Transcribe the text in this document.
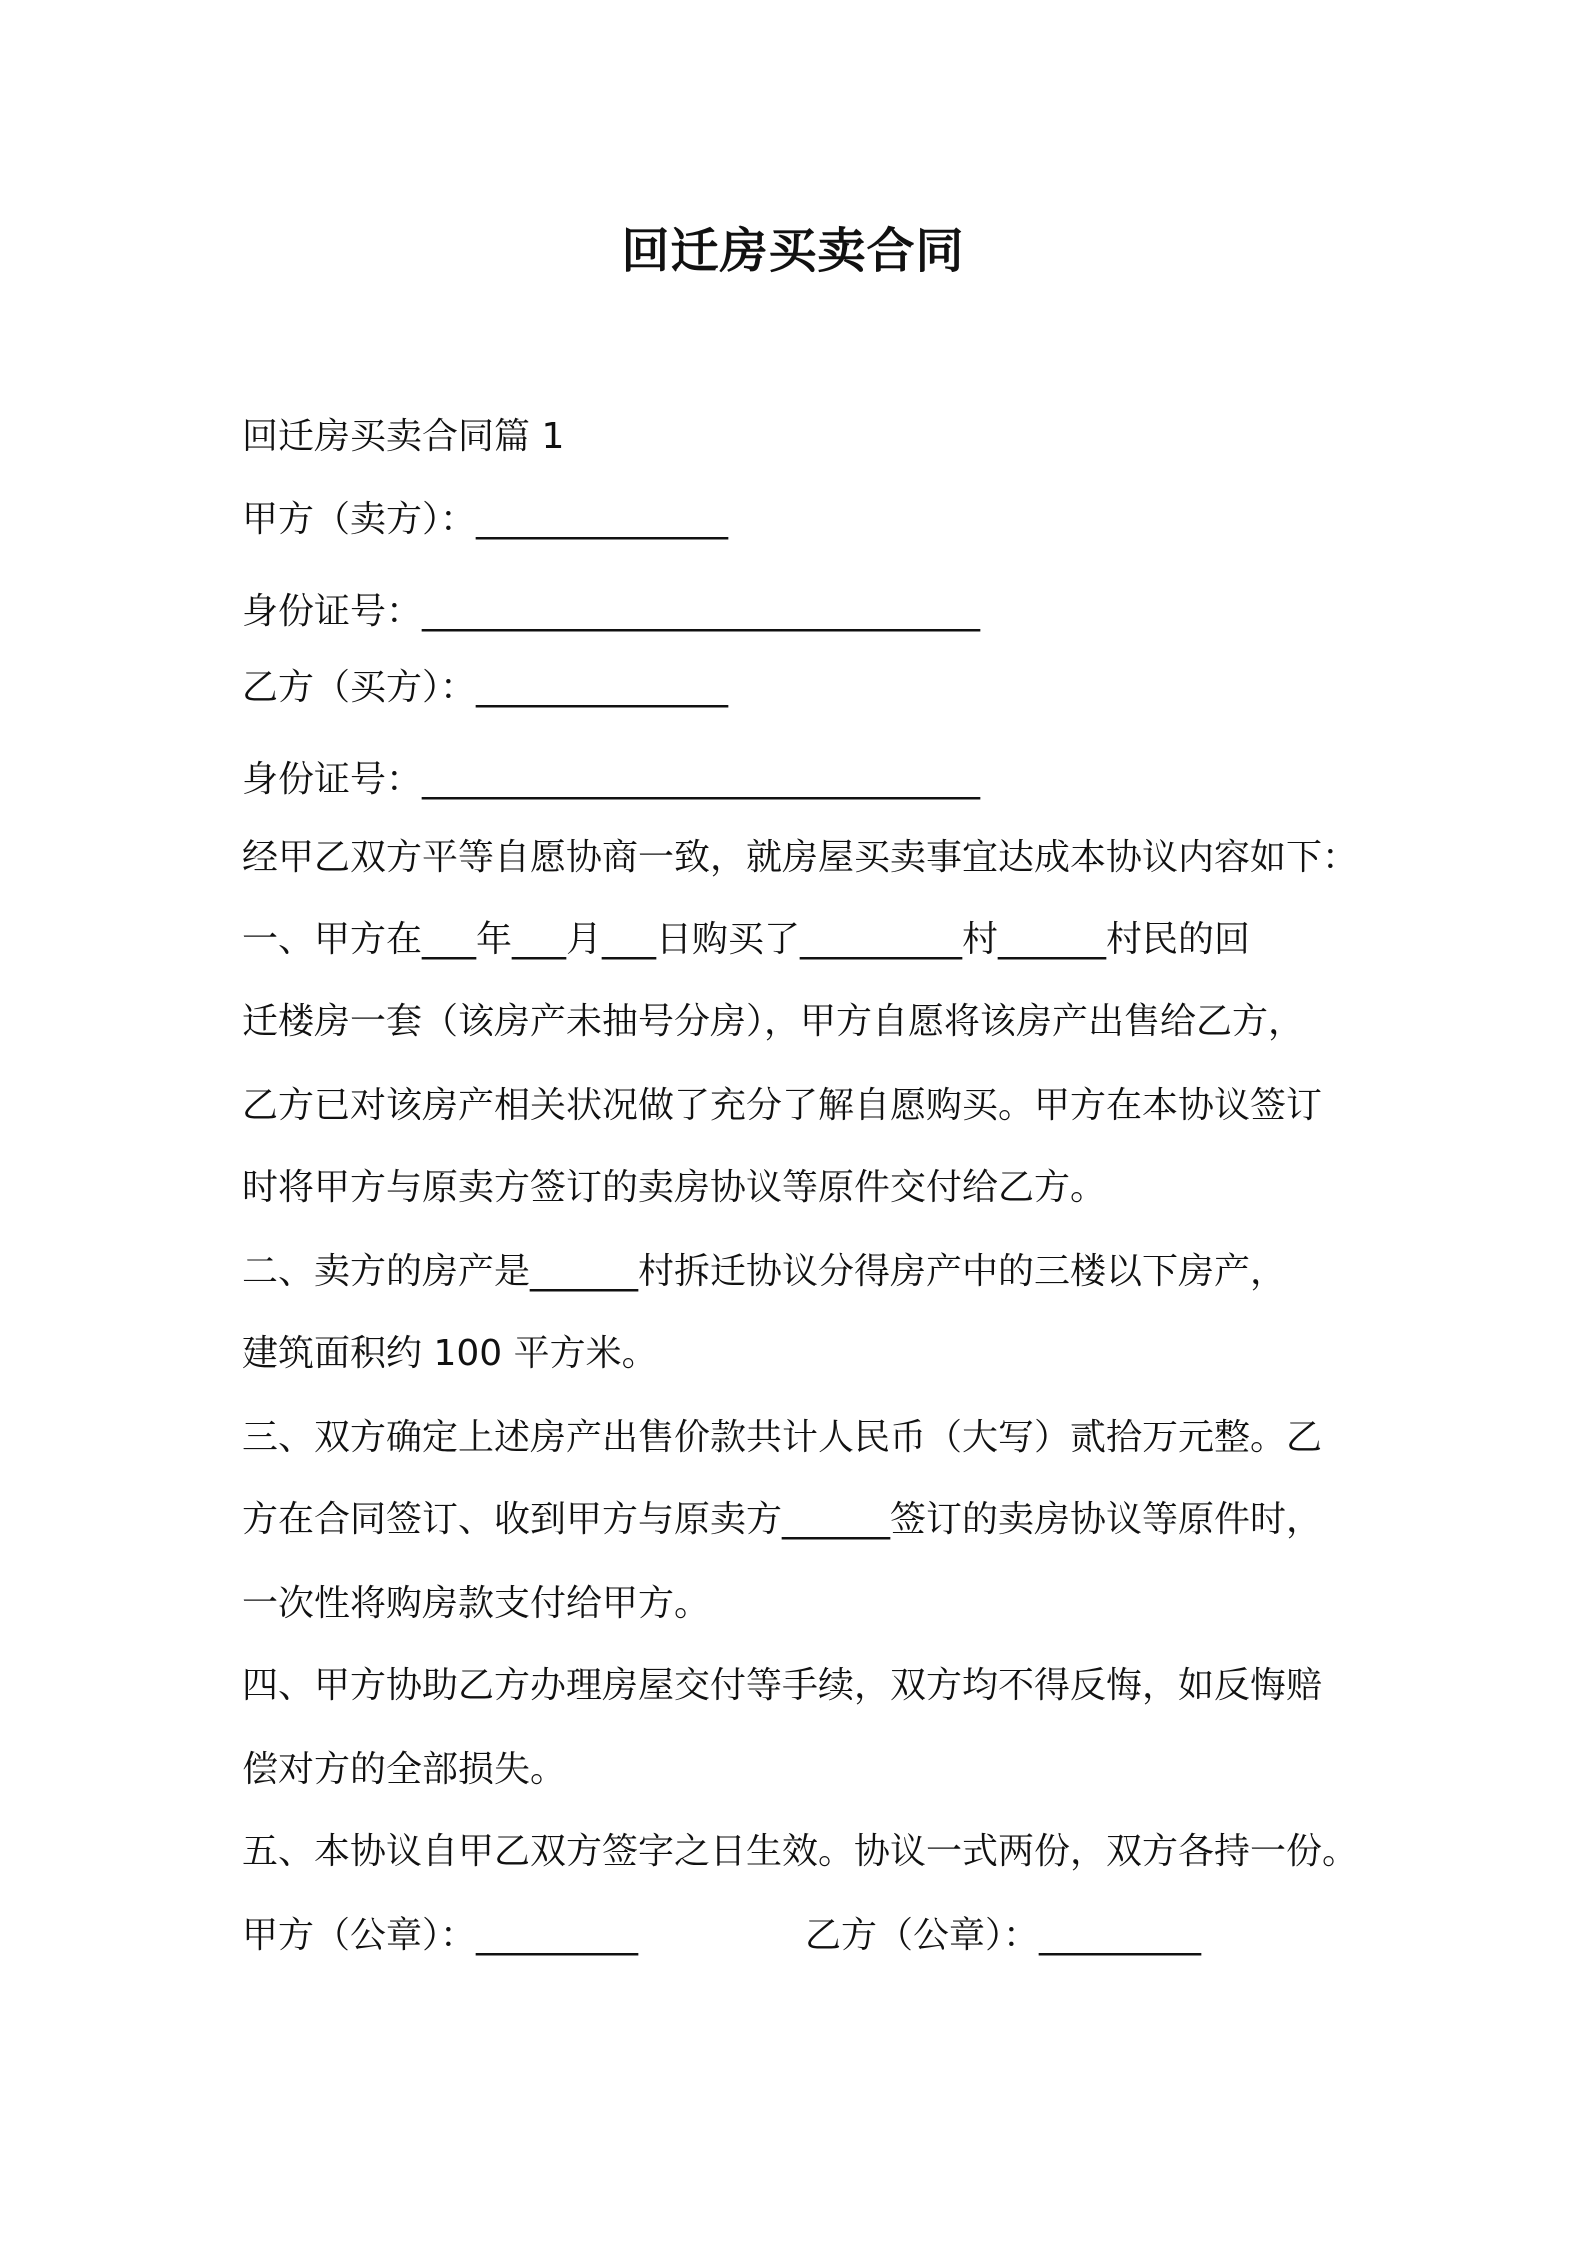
回迁房买卖合同

回迁房买卖合同篇 1

甲方（卖方）：______________

身份证号：_______________________________

乙方（买方）：______________

身份证号：_______________________________

经甲乙双方平等自愿协商一致，就房屋买卖事宜达成本协议内容如下：

一、甲方在___年___月___日购买了_________村______村民的回

迁楼房一套（该房产未抽号分房），甲方自愿将该房产出售给乙方，

乙方已对该房产相关状况做了充分了解自愿购买。甲方在本协议签订

时将甲方与原卖方签订的卖房协议等原件交付给乙方。

二、卖方的房产是______村拆迁协议分得房产中的三楼以下房产，

建筑面积约 100 平方米。

三、双方确定上述房产出售价款共计人民币（大写）贰拾万元整。乙

方在合同签订、收到甲方与原卖方______签订的卖房协议等原件时，

一次性将购房款支付给甲方。

四、甲方协助乙方办理房屋交付等手续，双方均不得反悔，如反悔赔

偿对方的全部损失。

五、本协议自甲乙双方签字之日生效。协议一式两份，双方各持一份。

甲方（公章）：_________	乙方（公章）：_________
